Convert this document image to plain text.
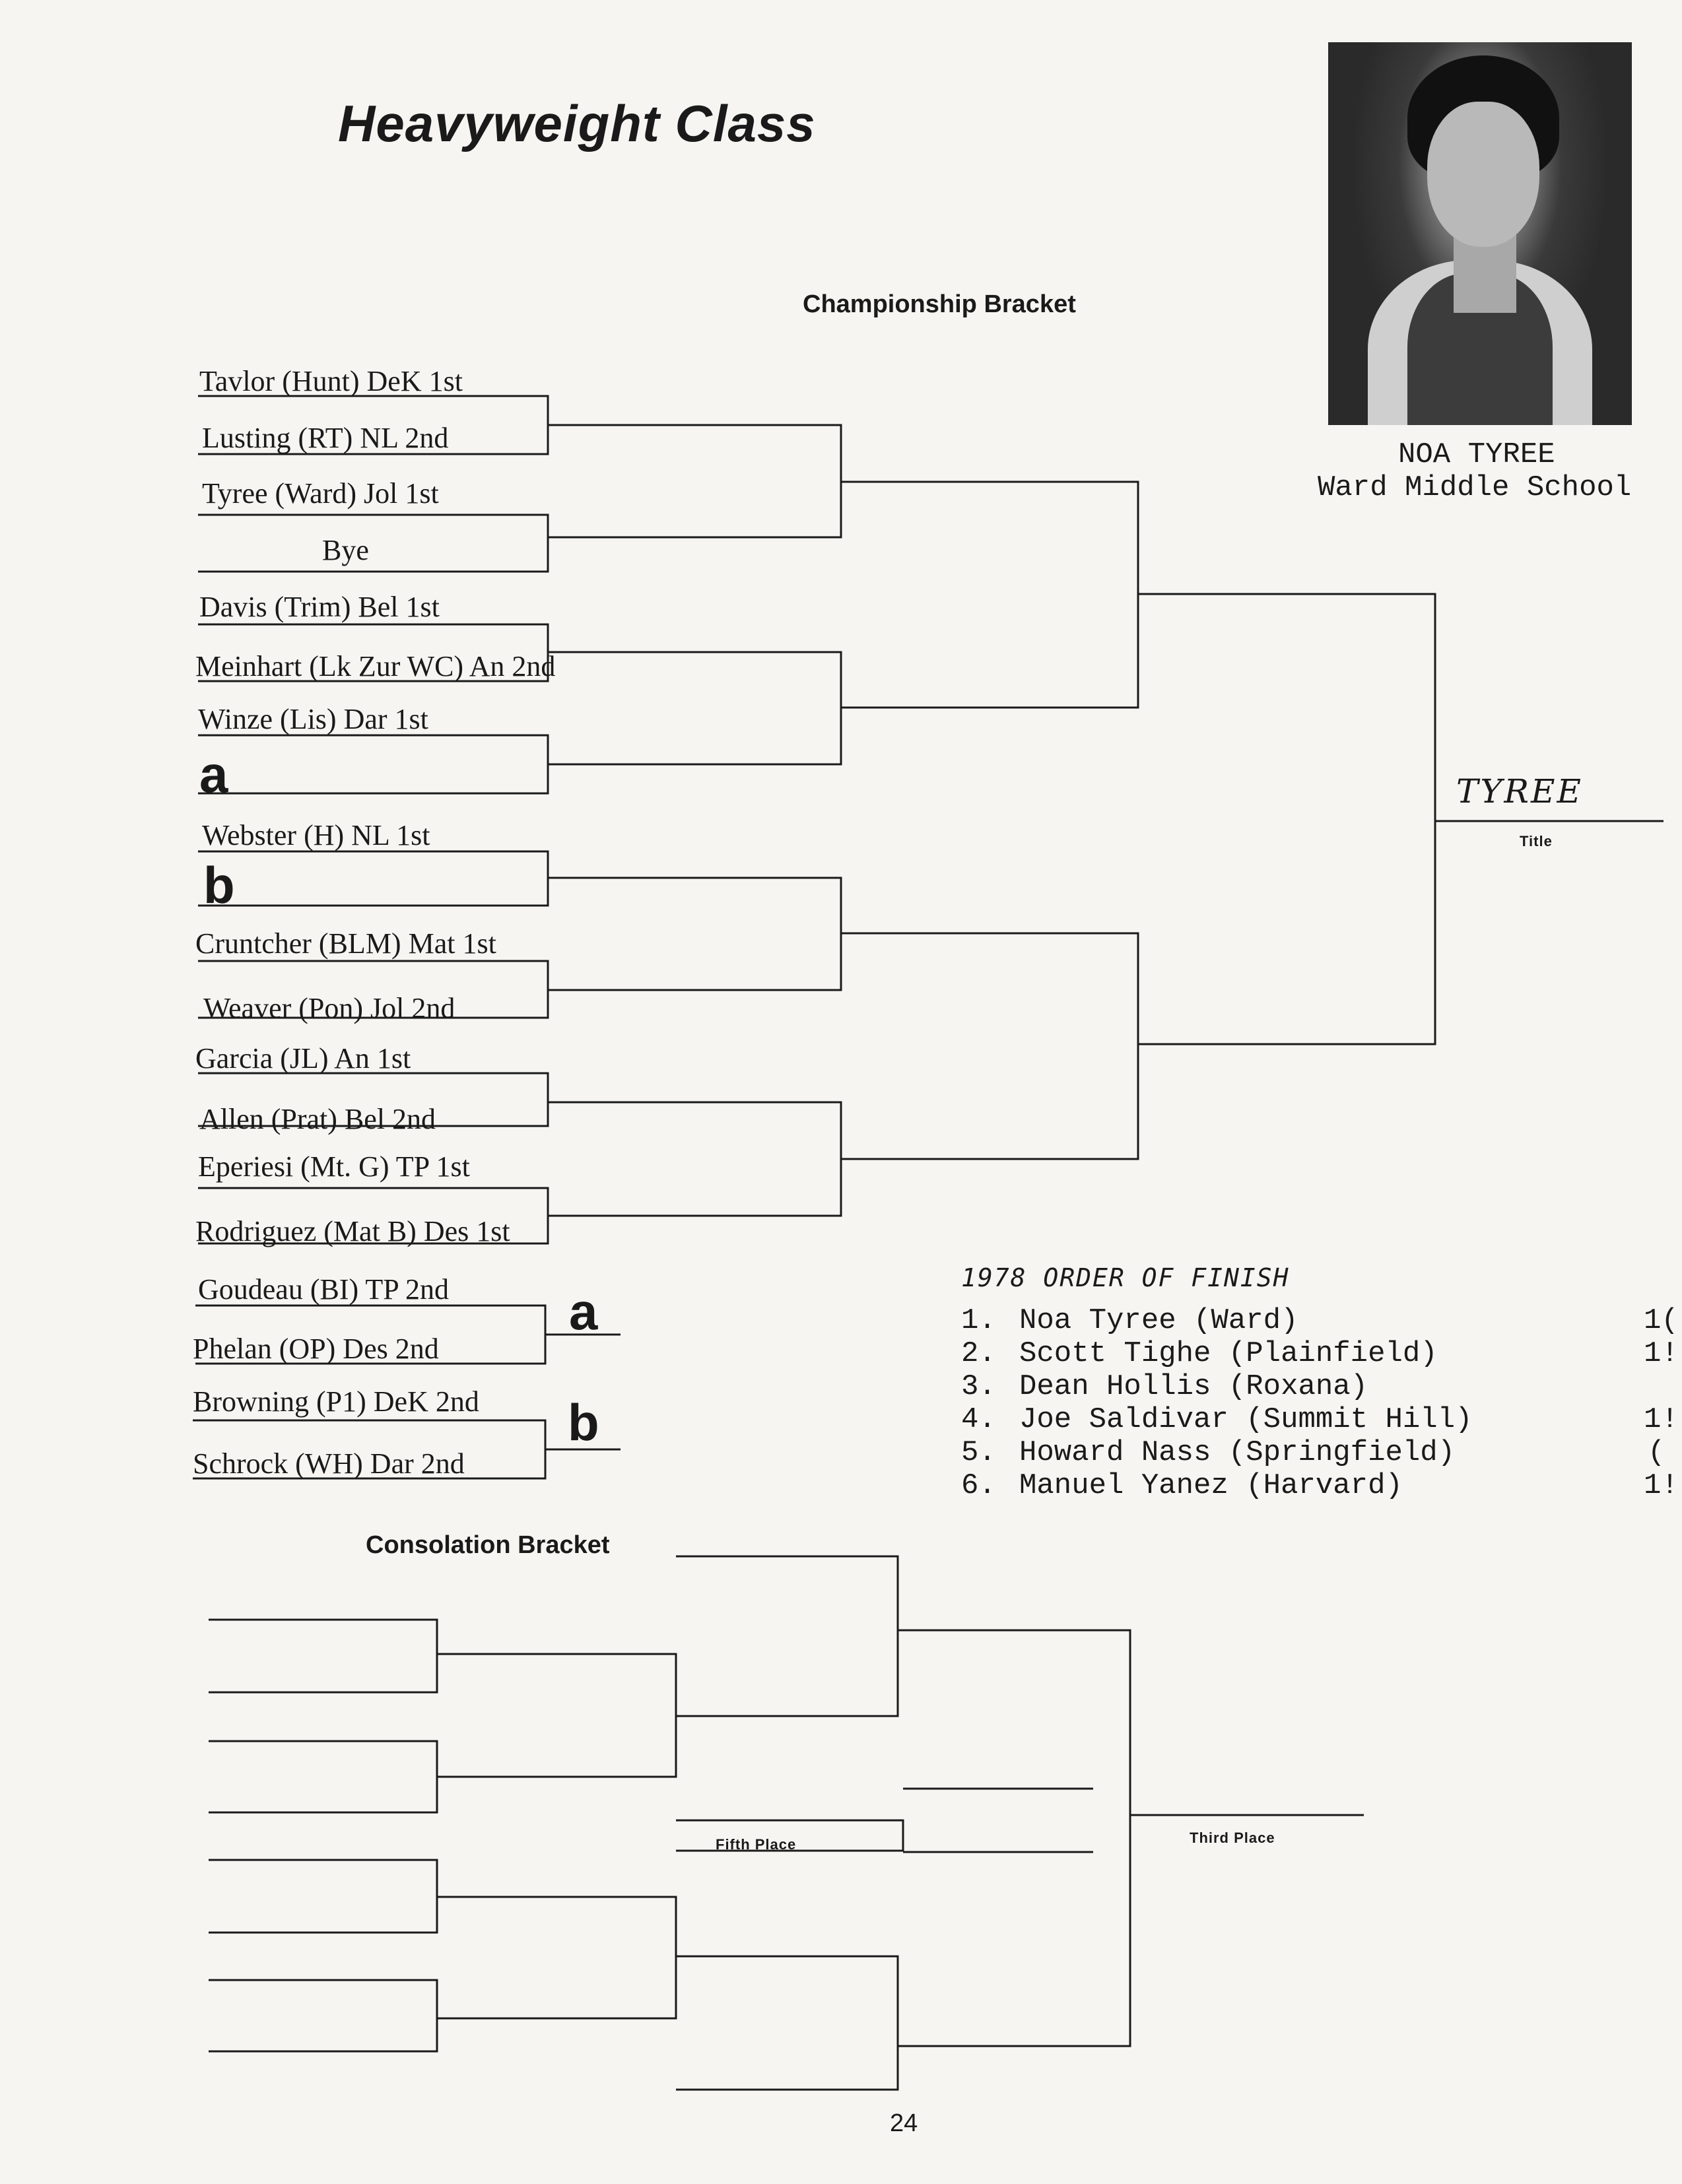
Heavyweight Class
NOA TYREE
Ward Middle School
Championship Bracket
Tavlor (Hunt) DeK 1st
Lusting (RT) NL 2nd
Tyree (Ward) Jol 1st
Bye
Davis (Trim) Bel 1st
Meinhart (Lk Zur WC) An 2nd
Winze (Lis) Dar 1st
a
Webster (H) NL 1st
b
Cruntcher (BLM) Mat 1st
Weaver (Pon) Jol 2nd
Garcia (JL) An 1st
Allen (Prat) Bel 2nd
Eperiesi (Mt. G) TP 1st
Rodriguez (Mat B) Des 1st
Goudeau (BI) TP 2nd
Phelan (OP) Des 2nd
a
Browning (P1) DeK 2nd
Schrock (WH) Dar 2nd
b
TYREE
Title
1978 ORDER OF FINISH
1. Noa Tyree (Ward)	1(
2. Scott Tighe (Plainfield)	1!
3. Dean Hollis (Roxana)
4. Joe Saldivar (Summit Hill)	1!
5. Howard Nass (Springfield)	(
6. Manuel Yanez (Harvard)	1!
Consolation Bracket
Fifth Place	Third Place
24
